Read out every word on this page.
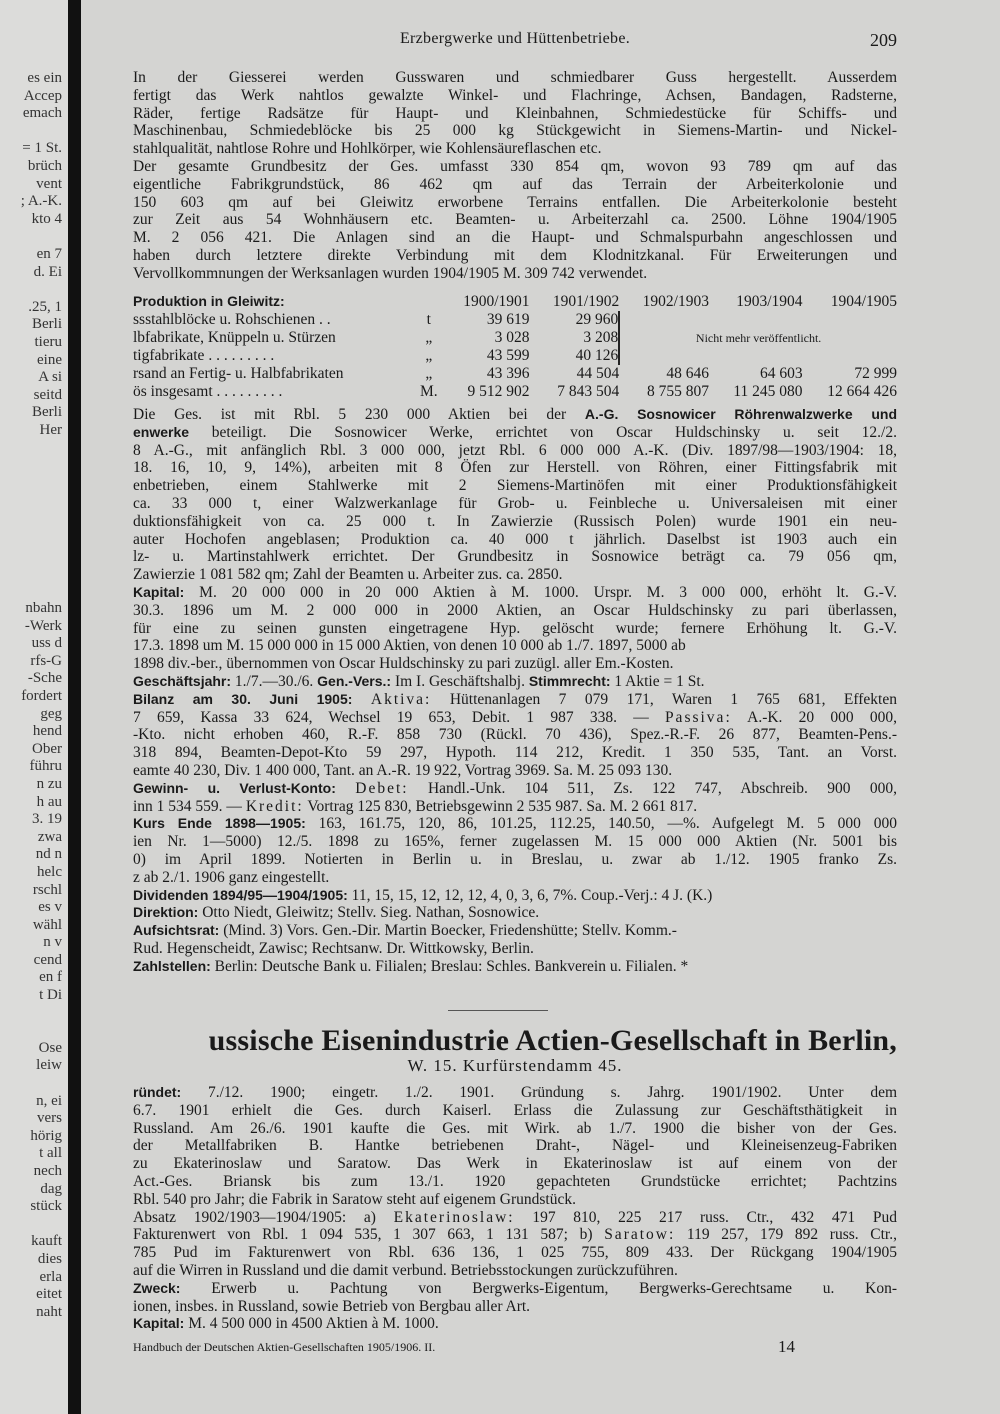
es ein
Accep
emach
= 1 St.
brüch
vent
; A.-K.
kto 4
en 7
d. Ei
.25, 1
Berli
tieru
eine
A si
seitd
Berli
Her
nbahn
-Werk
uss d
rfs-G
-Sche
fordert
geg
hend
Ober
führu
n zu
h au
3. 19
zwa
nd n
helc
rschl
es v
wähl
n v
cend
en f
t Di
Ose
leiw
n, ei
vers
hörig
t all
nech
dag
stück
kauft
dies
erla
eitet
naht
Erzbergwerke und Hüttenbetriebe.	209
In der Giesserei werden Gusswaren und schmiedbarer Guss hergestellt. Ausserdem
fertigt das Werk nahtlos gewalzte Winkel- und Flachringe, Achsen, Bandagen, Radsterne,
Räder, fertige Radsätze für Haupt- und Kleinbahnen, Schmiedestücke für Schiffs- und
Maschinenbau, Schmiedeblöcke bis 25 000 kg Stückgewicht in Siemens-Martin- und Nickel-
stahlqualität, nahtlose Rohre und Hohlkörper, wie Kohlensäureflaschen etc.
Der gesamte Grundbesitz der Ges. umfasst 330 854 qm, wovon 93 789 qm auf das
eigentliche Fabrikgrundstück, 86 462 qm auf das Terrain der Arbeiterkolonie und
150 603 qm auf bei Gleiwitz erworbene Terrains entfallen. Die Arbeiterkolonie besteht
zur Zeit aus 54 Wohnhäusern etc. Beamten- u. Arbeiterzahl ca. 2500. Löhne 1904/1905
M. 2 056 421. Die Anlagen sind an die Haupt- und Schmalspurbahn angeschlossen und
haben durch letztere direkte Verbindung mit dem Klodnitzkanal. Für Erweiterungen und
Vervollkommnungen der Werksanlagen wurden 1904/1905 M. 309 742 verwendet.
Produktion in Gleiwitz:		1900/1901	1901/1902	1902/1903	1903/1904	1904/1905
ssstahlblöcke u. Rohschienen . .	t	39 619	29 960	Nicht mehr veröffentlicht.		
lbfabrikate, Knüppeln u. Stürzen	„	3 028	3 208			
tigfabrikate . . . . . . . . .	„	43 599	40 126			
rsand an Fertig- u. Halbfabrikaten	„	43 396	44 504	48 646	64 603	72 999
ös insgesamt . . . . . . . . .	M.	9 512 902	7 843 504	8 755 807	11 245 080	12 664 426
Die Ges. ist mit Rbl. 5 230 000 Aktien bei der A.-G. Sosnowicer Röhrenwalzwerke und
enwerke beteiligt. Die Sosnowicer Werke, errichtet von Oscar Huldschinsky u. seit 12./2.
8 A.-G., mit anfänglich Rbl. 3 000 000, jetzt Rbl. 6 000 000 A.-K. (Div. 1897/98—1903/1904: 18,
18. 16, 10, 9, 14%), arbeiten mit 8 Öfen zur Herstell. von Röhren, einer Fittingsfabrik mit
enbetrieben, einem Stahlwerke mit 2 Siemens-Martinöfen mit einer Produktionsfähigkeit
ca. 33 000 t, einer Walzwerkanlage für Grob- u. Feinbleche u. Universaleisen mit einer
duktionsfähigkeit von ca. 25 000 t. In Zawierzie (Russisch Polen) wurde 1901 ein neu-
auter Hochofen angeblasen; Produktion ca. 40 000 t jährlich. Daselbst ist 1903 auch ein
lz- u. Martinstahlwerk errichtet. Der Grundbesitz in Sosnowice beträgt ca. 79 056 qm,
Zawierzie 1 081 582 qm; Zahl der Beamten u. Arbeiter zus. ca. 2850.
Kapital: M. 20 000 000 in 20 000 Aktien à M. 1000. Urspr. M. 3 000 000, erhöht lt. G.-V.
30.3. 1896 um M. 2 000 000 in 2000 Aktien, an Oscar Huldschinsky zu pari überlassen,
für eine zu seinen gunsten eingetragene Hyp. gelöscht wurde; fernere Erhöhung lt. G.-V.
17.3. 1898 um M. 15 000 000 in 15 000 Aktien, von denen 10 000 ab 1./7. 1897, 5000 ab
1898 div.-ber., übernommen von Oscar Huldschinsky zu pari zuzügl. aller Em.-Kosten.
Geschäftsjahr: 1./7.—30./6. Gen.-Vers.: Im I. Geschäftshalbj. Stimmrecht: 1 Aktie = 1 St.
Bilanz am 30. Juni 1905: Aktiva: Hüttenanlagen 7 079 171, Waren 1 765 681, Effekten
7 659, Kassa 33 624, Wechsel 19 653, Debit. 1 987 338. — Passiva: A.-K. 20 000 000,
-Kto. nicht erhoben 460, R.-F. 858 730 (Rückl. 70 436), Spez.-R.-F. 26 877, Beamten-Pens.-
318 894, Beamten-Depot-Kto 59 297, Hypoth. 114 212, Kredit. 1 350 535, Tant. an Vorst.
eamte 40 230, Div. 1 400 000, Tant. an A.-R. 19 922, Vortrag 3969. Sa. M. 25 093 130.
Gewinn- u. Verlust-Konto: Debet: Handl.-Unk. 104 511, Zs. 122 747, Abschreib. 900 000,
inn 1 534 559. — Kredit: Vortrag 125 830, Betriebsgewinn 2 535 987. Sa. M. 2 661 817.
Kurs Ende 1898—1905: 163, 161.75, 120, 86, 101.25, 112.25, 140.50, —%. Aufgelegt M. 5 000 000
ien Nr. 1—5000) 12./5. 1898 zu 165%, ferner zugelassen M. 15 000 000 Aktien (Nr. 5001 bis
0) im April 1899. Notierten in Berlin u. in Breslau, u. zwar ab 1./12. 1905 franko Zs.
z ab 2./1. 1906 ganz eingestellt.
Dividenden 1894/95—1904/1905: 11, 15, 15, 12, 12, 12, 4, 0, 3, 6, 7%. Coup.-Verj.: 4 J. (K.)
Direktion: Otto Niedt, Gleiwitz; Stellv. Sieg. Nathan, Sosnowice.
Aufsichtsrat: (Mind. 3) Vors. Gen.-Dir. Martin Boecker, Friedenshütte; Stellv. Komm.-
Rud. Hegenscheidt, Zawisc; Rechtsanw. Dr. Wittkowsky, Berlin.
Zahlstellen: Berlin: Deutsche Bank u. Filialen; Breslau: Schles. Bankverein u. Filialen. *
ussische Eisenindustrie Actien-Gesellschaft in Berlin,
W. 15. Kurfürstendamm 45.
ründet: 7./12. 1900; eingetr. 1./2. 1901. Gründung s. Jahrg. 1901/1902. Unter dem
6.7. 1901 erhielt die Ges. durch Kaiserl. Erlass die Zulassung zur Geschäftsthätigkeit in
Russland. Am 26./6. 1901 kaufte die Ges. mit Wirk. ab 1./7. 1900 die bisher von der Ges.
der Metallfabriken B. Hantke betriebenen Draht-, Nägel- und Kleineisenzeug-Fabriken
zu Ekaterinoslaw und Saratow. Das Werk in Ekaterinoslaw ist auf einem von der
Act.-Ges. Briansk bis zum 13./1. 1920 gepachteten Grundstücke errichtet; Pachtzins
Rbl. 540 pro Jahr; die Fabrik in Saratow steht auf eigenem Grundstück.
Absatz 1902/1903—1904/1905: a) Ekaterinoslaw: 197 810, 225 217 russ. Ctr., 432 471 Pud
Fakturenwert von Rbl. 1 094 535, 1 307 663, 1 131 587; b) Saratow: 119 257, 179 892 russ. Ctr.,
785 Pud im Fakturenwert von Rbl. 636 136, 1 025 755, 809 433. Der Rückgang 1904/1905
auf die Wirren in Russland und die damit verbund. Betriebsstockungen zurückzuführen.
Zweck: Erwerb u. Pachtung von Bergwerks-Eigentum, Bergwerks-Gerechtsame u. Kon-
ionen, insbes. in Russland, sowie Betrieb von Bergbau aller Art.
Kapital: M. 4 500 000 in 4500 Aktien à M. 1000.
Handbuch der Deutschen Aktien-Gesellschaften 1905/1906. II.	14
